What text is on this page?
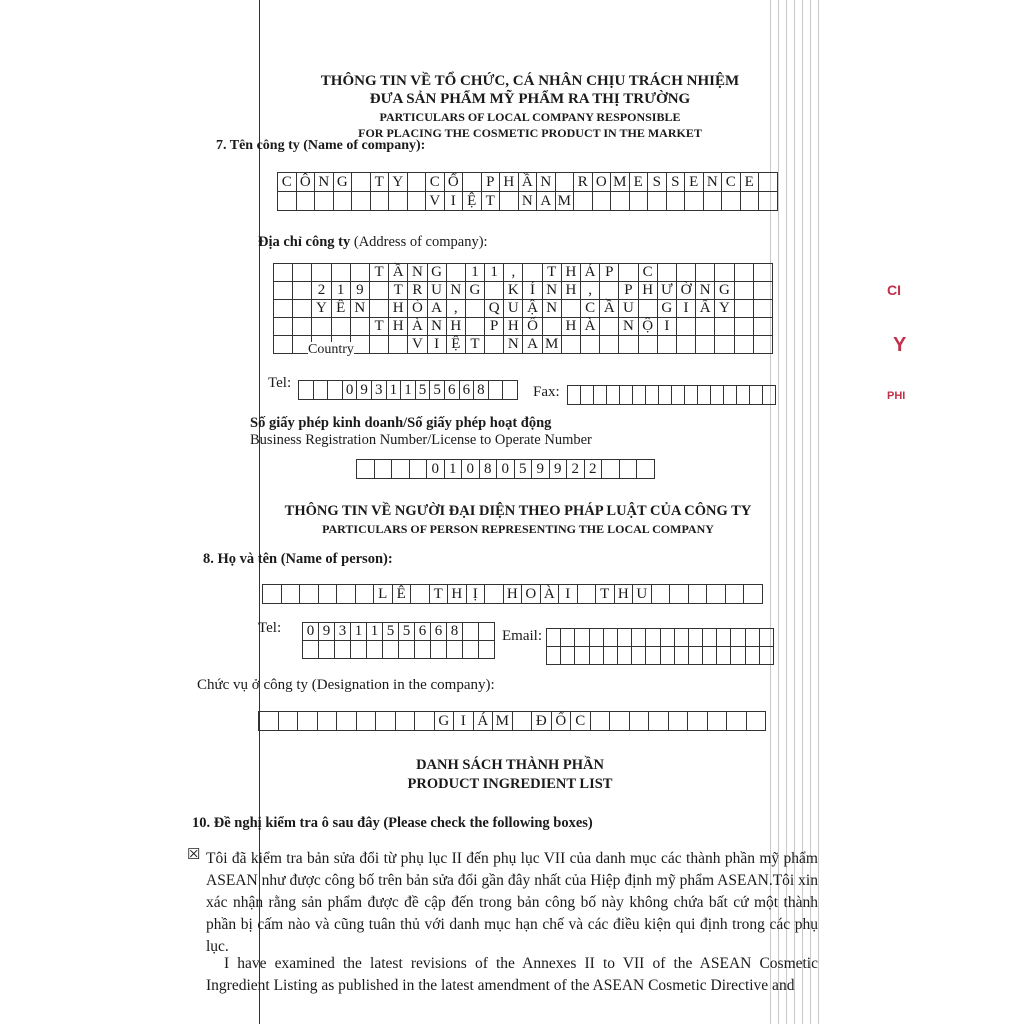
THÔNG TIN VỀ TỔ CHỨC, CÁ NHÂN CHỊU TRÁCH NHIỆM
ĐƯA SẢN PHẨM MỸ PHẨM RA THỊ TRƯỜNG
PARTICULARS OF LOCAL COMPANY RESPONSIBLE
FOR PLACING THE COSMETIC PRODUCT IN THE MARKET
7. Tên công ty (Name of company):
C Ô N G T Y C Ổ	P H Ầ N R O M E S S E N C E
V I Ệ T	N A M
Địa chỉ công ty (Address of company):
T Ầ N G	1 1 ,	T H Á P	C
2 1 9	T R U N G	K Í N H ,	P H Ư Ờ N G
Y Ê N	H Ò A ,	Q U Ậ N	C Ầ U	G I Ấ Y
T H À N H	P H Ố	H À	N Ộ I
V I Ệ T	N A M
Country
Tel:	0 9 3 1 1 5 5 6 6 8	Fax:
Số giấy phép kinh doanh/Số giấy phép hoạt động
Business Registration Number/License to Operate Number
0 1 0 8 0 5 9 9 2 2
THÔNG TIN VỀ NGƯỜI ĐẠI DIỆN THEO PHÁP LUẬT CỦA CÔNG TY
PARTICULARS OF PERSON REPRESENTING THE LOCAL COMPANY
8. Họ và tên (Name of person):
L Ê	T H Ị	H O À I	T H U
Tel: 0 9 3 1 1 5 5 6 6 8	Email:
Chức vụ ở công ty (Designation in the company):
G I Á M Đ Ố C
DANH SÁCH THÀNH PHẦN
PRODUCT INGREDIENT LIST
10. Đề nghị kiểm tra ô sau đây (Please check the following boxes)
☒ Tôi đã kiểm tra bản sửa đổi từ phụ lục II đến phụ lục VII của danh mục các thành phần mỹ phẩm ASEAN như được công bố trên bản sửa đổi gần đây nhất của Hiệp định mỹ phẩm ASEAN.Tôi xin xác nhận rằng sản phẩm được đề cập đến trong bản công bố này không chứa bất cứ một thành phần bị cấm nào và cũng tuân thủ với danh mục hạn chế và các điều kiện qui định trong các phụ lục.
I have examined the latest revisions of the Annexes II to VII of the ASEAN Cosmetic Ingredient Listing as published in the latest amendment of the ASEAN Cosmetic Directive and
CI
Y
PHI
